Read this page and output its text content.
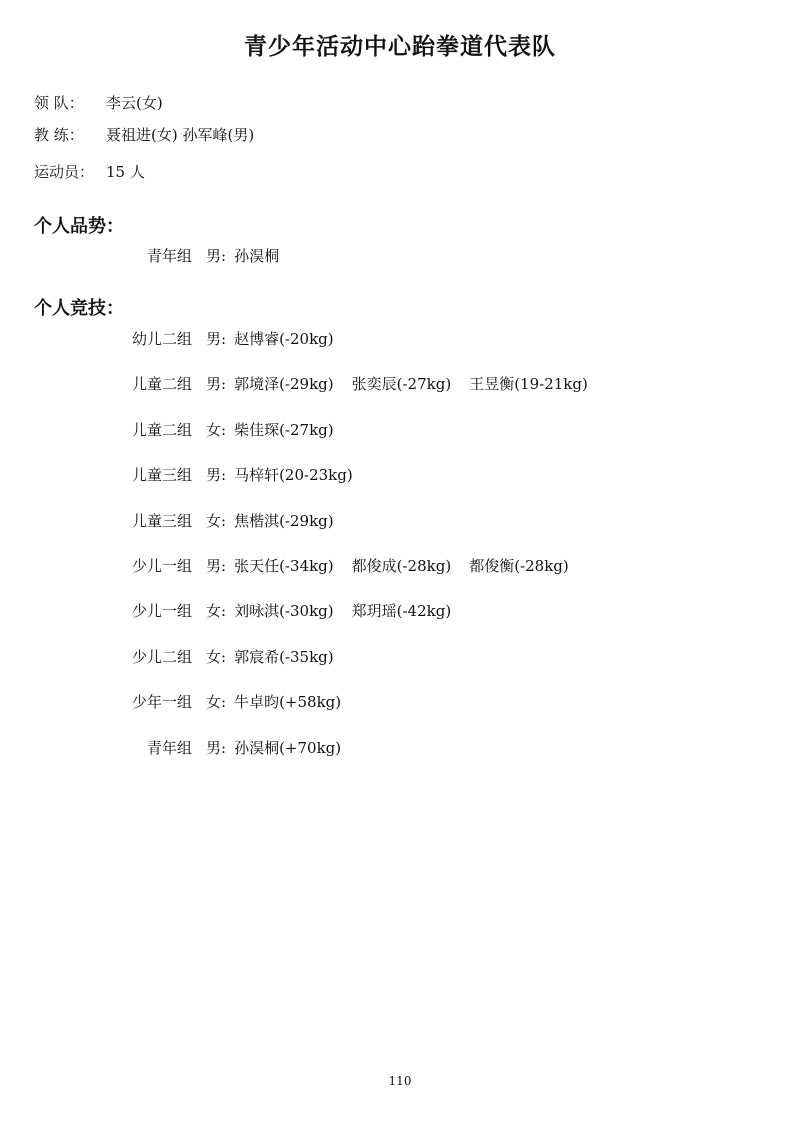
青少年活动中心跆拳道代表队
领 队： 李云(女)
教 练： 聂祖进(女) 孙军峰(男)
运动员： 15 人
个人品势：
青年组 男: 孙淏桐
个人竞技：
幼儿二组 男: 赵博睿(-20kg)
儿童二组 男: 郭境泽(-29kg) 张奕辰(-27kg) 王昱衡(19-21kg)
儿童二组 女: 柴佳琛(-27kg)
儿童三组 男: 马梓轩(20-23kg)
儿童三组 女: 焦楷淇(-29kg)
少儿一组 男: 张天任(-34kg) 都俊成(-28kg) 都俊衡(-28kg)
少儿一组 女: 刘咏淇(-30kg) 郑玥瑶(-42kg)
少儿二组 女: 郭宸希(-35kg)
少年一组 女: 牛卓昀(+58kg)
青年组 男: 孙淏桐(+70kg)
110
